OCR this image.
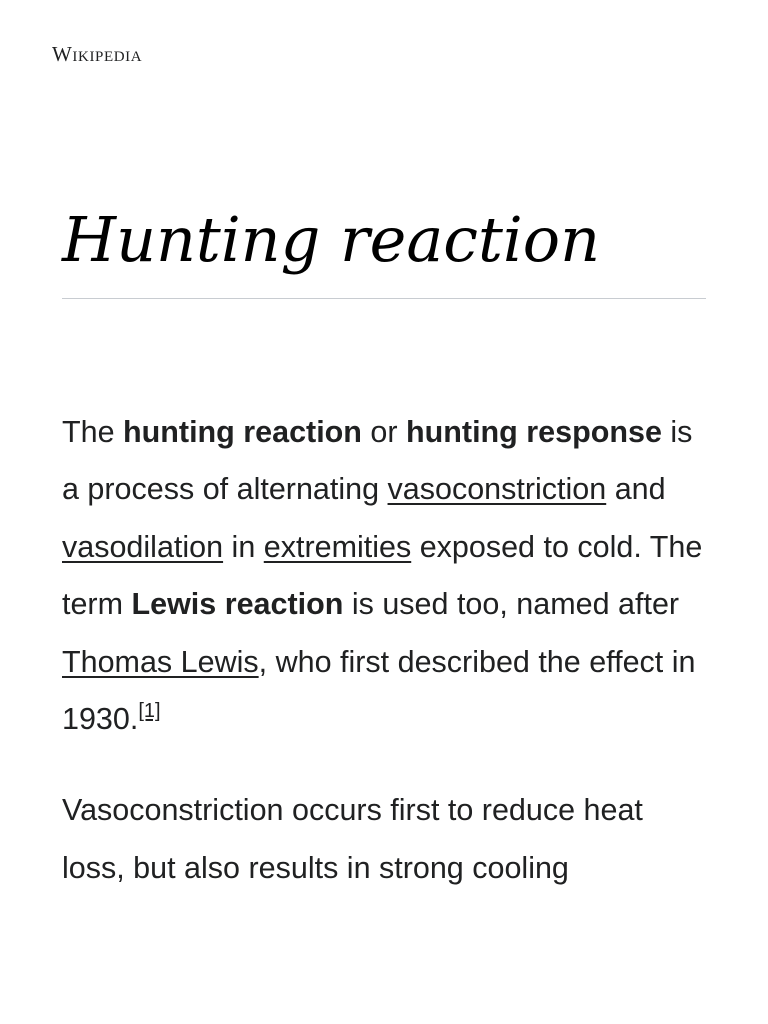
Wikipedia
Hunting reaction

The hunting reaction or hunting response is a process of alternating vasoconstriction and vasodilation in extremities exposed to cold. The term Lewis reaction is used too, named after Thomas Lewis, who first described the effect in 1930.[1]

Vasoconstriction occurs first to reduce heat loss, but also results in strong cooling
